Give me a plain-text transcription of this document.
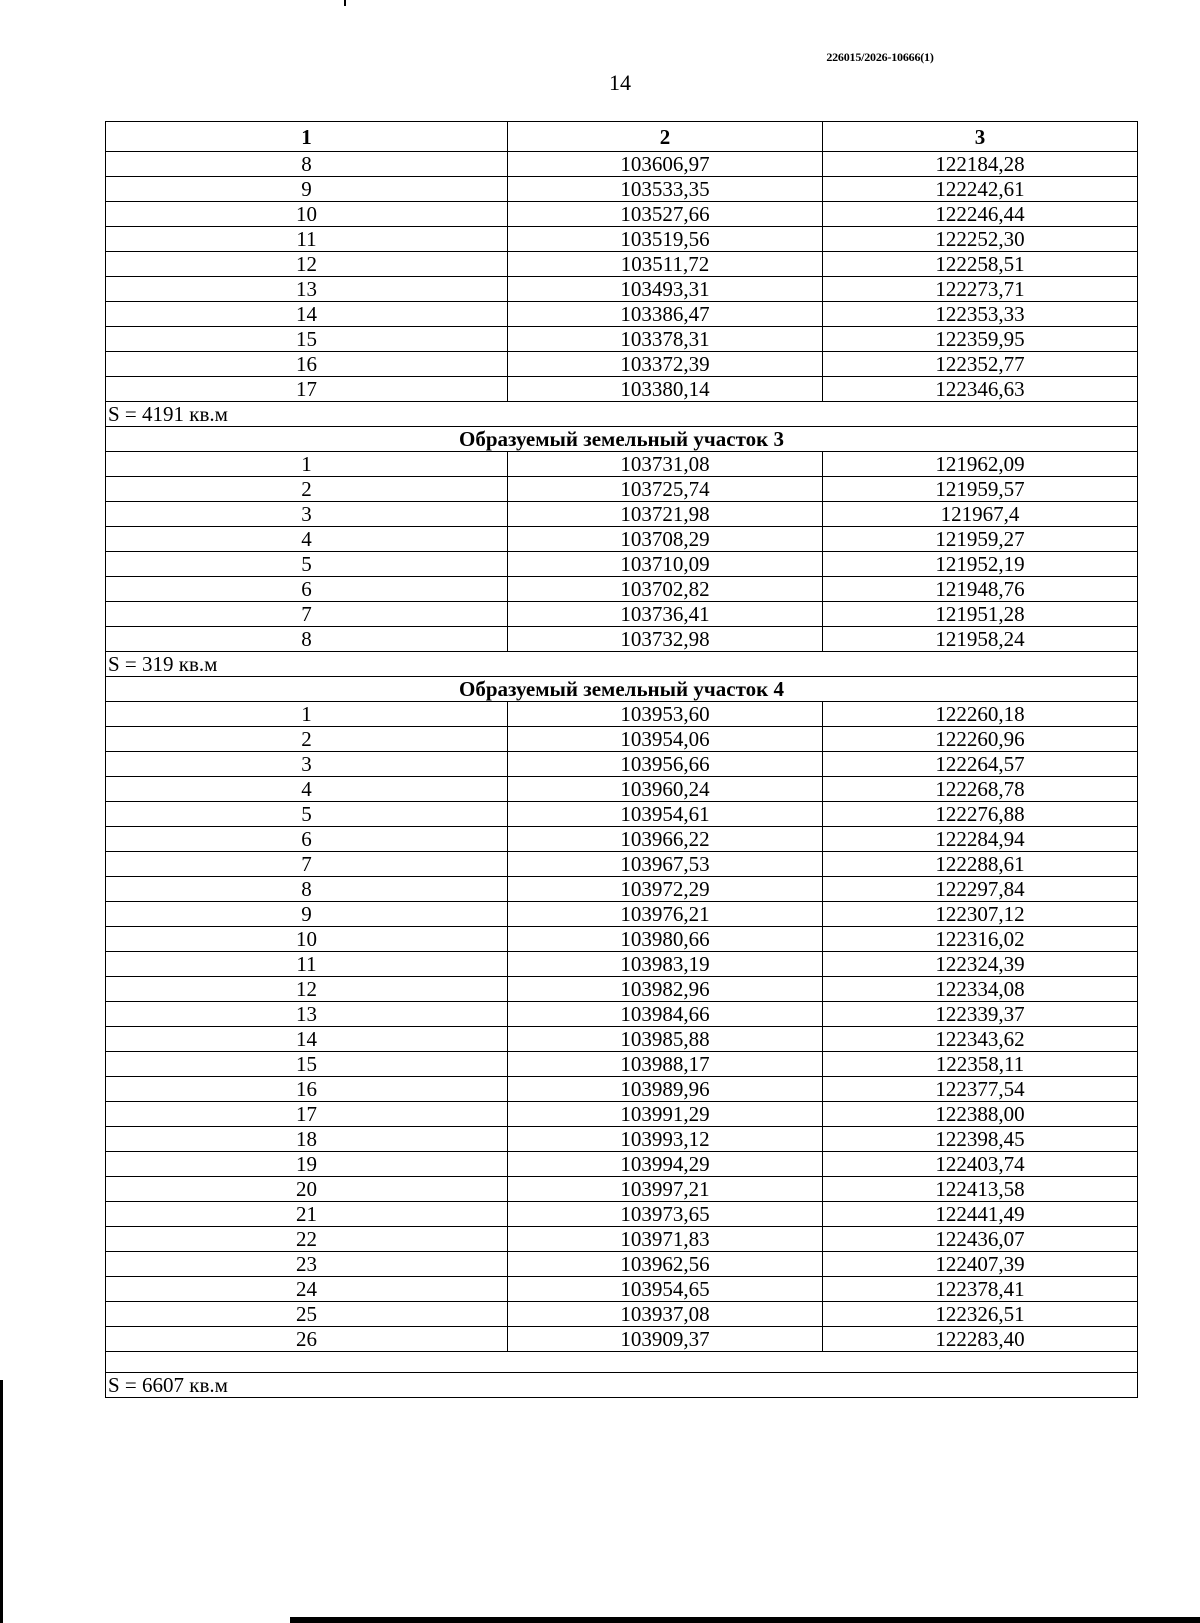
226015/2026-10666(1)
14
1	2	3
8	103606,97	122184,28
9	103533,35	122242,61
10	103527,66	122246,44
11	103519,56	122252,30
12	103511,72	122258,51
13	103493,31	122273,71
14	103386,47	122353,33
15	103378,31	122359,95
16	103372,39	122352,77
17	103380,14	122346,63
S = 4191 кв.м		
Образуемый земельный участок 3		
1	103731,08	121962,09
2	103725,74	121959,57
3	103721,98	121967,4
4	103708,29	121959,27
5	103710,09	121952,19
6	103702,82	121948,76
7	103736,41	121951,28
8	103732,98	121958,24
S = 319 кв.м		
Образуемый земельный участок 4		
1	103953,60	122260,18
2	103954,06	122260,96
3	103956,66	122264,57
4	103960,24	122268,78
5	103954,61	122276,88
6	103966,22	122284,94
7	103967,53	122288,61
8	103972,29	122297,84
9	103976,21	122307,12
10	103980,66	122316,02
11	103983,19	122324,39
12	103982,96	122334,08
13	103984,66	122339,37
14	103985,88	122343,62
15	103988,17	122358,11
16	103989,96	122377,54
17	103991,29	122388,00
18	103993,12	122398,45
19	103994,29	122403,74
20	103997,21	122413,58
21	103973,65	122441,49
22	103971,83	122436,07
23	103962,56	122407,39
24	103954,65	122378,41
25	103937,08	122326,51
26	103909,37	122283,40

S = 6607 кв.м		
